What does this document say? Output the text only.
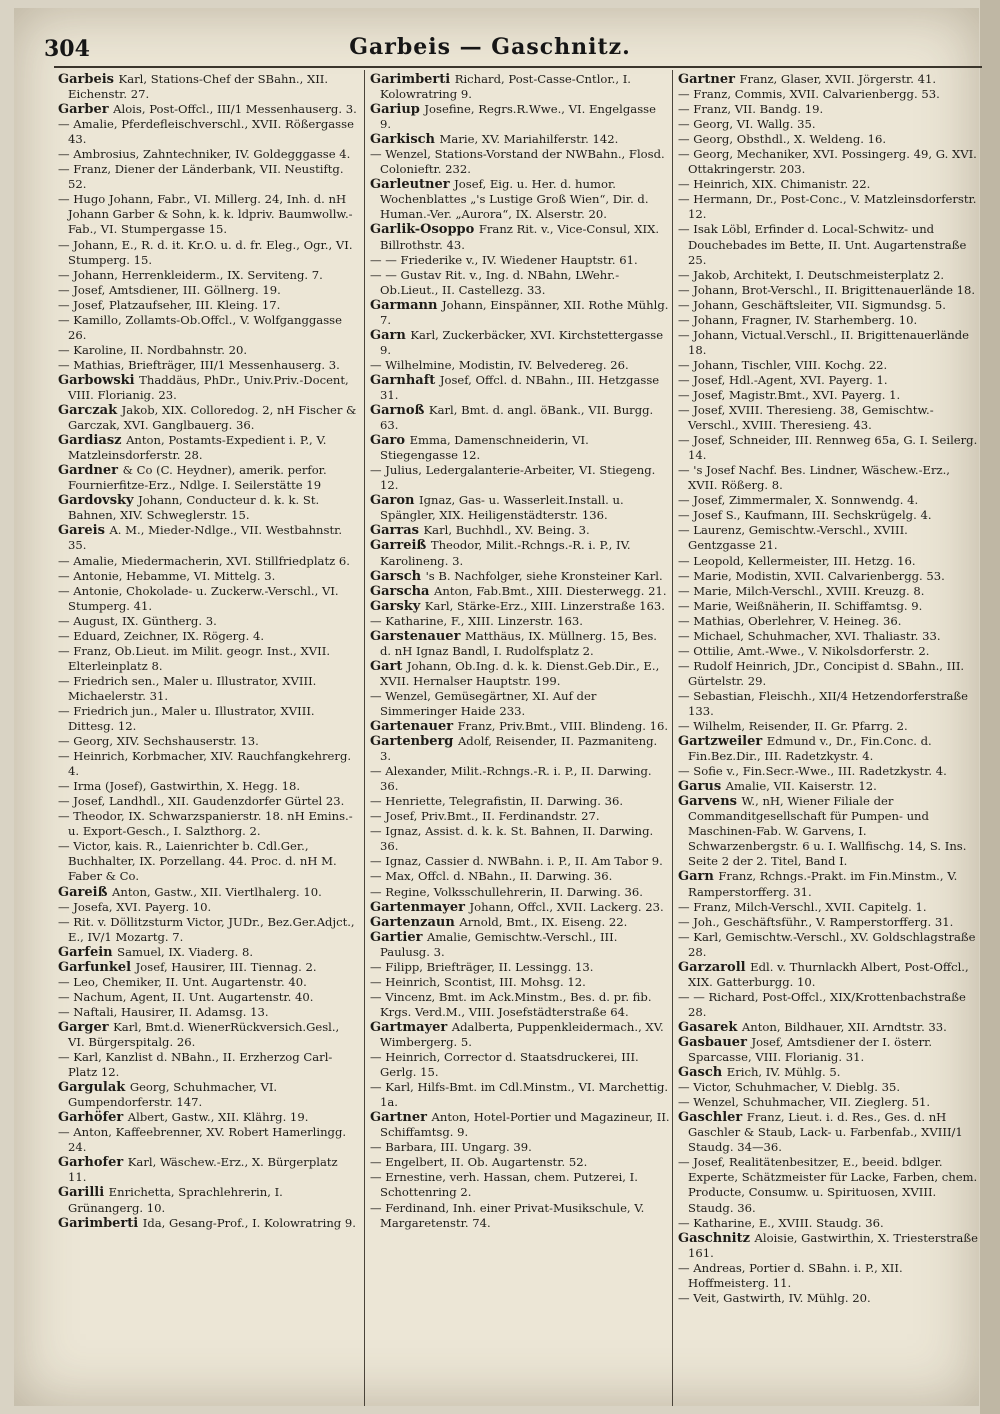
304	Garbeis — Gaschnitz.
Garbeis Karl, Stations-Chef der SBahn., XII. Eichenstr. 27.
Garber Alois, Post-Offcl., III/1 Messenhauserg. 3.
— Amalie, Pferdefleischverschl., XVII. Rößergasse 43.
— Ambrosius, Zahntechniker, IV. Goldegggasse 4.
— Franz, Diener der Länderbank, VII. Neustiftg. 52.
— Hugo Johann, Fabr., VI. Millerg. 24, Inh. d. nH Johann Garber & Sohn, k. k. ldpriv. Baumwollw.-Fab., VI. Stumpergasse 15.
— Johann, E., R. d. it. Kr.O. u. d. fr. Eleg., Ogr., VI. Stumperg. 15.
— Johann, Herrenkleiderm., IX. Serviteng. 7.
— Josef, Amtsdiener, III. Göllnerg. 19.
— Josef, Platzaufseher, III. Kleing. 17.
— Kamillo, Zollamts-Ob.Offcl., V. Wolfganggasse 26.
— Karoline, II. Nordbahnstr. 20.
— Mathias, Briefträger, III/1 Messenhauserg. 3.
Garbowski Thaddäus, PhDr., Univ.Priv.-Docent, VIII. Florianig. 23.
Garczak Jakob, XIX. Colloredog. 2, nH Fischer & Garczak, XVI. Ganglbauerg. 36.
Gardiasz Anton, Postamts-Expedient i. P., V. Matzleinsdorferstr. 28.
Gardner & Co (C. Heydner), amerik. perfor. Fournierfitze-Erz., Ndlge. I. Seilerstätte 19
Gardovsky Johann, Conducteur d. k. k. St. Bahnen, XIV. Schweglerstr. 15.
Gareis A. M., Mieder-Ndlge., VII. Westbahnstr. 35.
— Amalie, Miedermacherin, XVI. Stillfriedplatz 6.
— Antonie, Hebamme, VI. Mittelg. 3.
— Antonie, Chokolade- u. Zuckerw.-Verschl., VI. Stumperg. 41.
— August, IX. Güntherg. 3.
— Eduard, Zeichner, IX. Rögerg. 4.
— Franz, Ob.Lieut. im Milit. geogr. Inst., XVII. Elterleinplatz 8.
— Friedrich sen., Maler u. Illustrator, XVIII. Michaelerstr. 31.
— Friedrich jun., Maler u. Illustrator, XVIII. Dittesg. 12.
— Georg, XIV. Sechshauserstr. 13.
— Heinrich, Korbmacher, XIV. Rauchfangkehrerg. 4.
— Irma (Josef), Gastwirthin, X. Hegg. 18.
— Josef, Landhdl., XII. Gaudenzdorfer Gürtel 23.
— Theodor, IX. Schwarzspanierstr. 18. nH Emins.- u. Export-Gesch., I. Salzthorg. 2.
— Victor, kais. R., Laienrichter b. Cdl.Ger., Buchhalter, IX. Porzellang. 44. Proc. d. nH M. Faber & Co.
Gareiß Anton, Gastw., XII. Viertlhalerg. 10.
— Josefa, XVI. Payerg. 10.
— Rit. v. Döllitzsturm Victor, JUDr., Bez.Ger.Adjct., E., IV/1 Mozartg. 7.
Garfein Samuel, IX. Viaderg. 8.
Garfunkel Josef, Hausirer, III. Tiennag. 2.
— Leo, Chemiker, II. Unt. Augartenstr. 40.
— Nachum, Agent, II. Unt. Augartenstr. 40.
— Naftali, Hausirer, II. Adamsg. 13.
Garger Karl, Bmt.d. WienerRückversich.Gesl., VI. Bürgerspitalg. 26.
— Karl, Kanzlist d. NBahn., II. Erzherzog Carl-Platz 12.
Gargulak Georg, Schuhmacher, VI. Gumpendorferstr. 147.
Garhöfer Albert, Gastw., XII. Klährg. 19.
— Anton, Kaffeebrenner, XV. Robert Hamerlingg. 24.
Garhofer Karl, Wäschew.-Erz., X. Bürgerplatz 11.
Garilli Enrichetta, Sprachlehrerin, I. Grünangerg. 10.
Garimberti Ida, Gesang-Prof., I. Kolowratring 9.
Garimberti Richard, Post-Casse-Cntlor., I. Kolowratring 9.
Gariup Josefine, Regrs.R.Wwe., VI. Engelgasse 9.
Garkisch Marie, XV. Mariahilferstr. 142.
— Wenzel, Stations-Vorstand der NWBahn., Flosd. Colonieftr. 232.
Garleutner Josef, Eig. u. Her. d. humor. Wochenblattes „'s Lustige Groß Wien“, Dir. d. Human.-Ver. „Aurora“, IX. Alserstr. 20.
Garlik-Osoppo Franz Rit. v., Vice-Consul, XIX. Billrothstr. 43.
— — Friederike v., IV. Wiedener Hauptstr. 61.
— — Gustav Rit. v., Ing. d. NBahn, LWehr.-Ob.Lieut., II. Castellezg. 33.
Garmann Johann, Einspänner, XII. Rothe Mühlg. 7.
Garn Karl, Zuckerbäcker, XVI. Kirchstettergasse 9.
— Wilhelmine, Modistin, IV. Belvedereg. 26.
Garnhaft Josef, Offcl. d. NBahn., III. Hetzgasse 31.
Garnoß Karl, Bmt. d. angl. öBank., VII. Burgg. 63.
Garo Emma, Damenschneiderin, VI. Stiegengasse 12.
— Julius, Ledergalanterie-Arbeiter, VI. Stiegeng. 12.
Garon Ignaz, Gas- u. Wasserleit.Install. u. Spängler, XIX. Heiligenstädterstr. 136.
Garras Karl, Buchhdl., XV. Being. 3.
Garreiß Theodor, Milit.-Rchngs.-R. i. P., IV. Karolineng. 3.
Garsch 's B. Nachfolger, siehe Kronsteiner Karl.
Garscha Anton, Fab.Bmt., XIII. Diesterwegg. 21.
Garsky Karl, Stärke-Erz., XIII. Linzerstraße 163.
— Katharine, F., XIII. Linzerstr. 163.
Garstenauer Matthäus, IX. Müllnerg. 15, Bes. d. nH Ignaz Bandl, I. Rudolfsplatz 2.
Gart Johann, Ob.Ing. d. k. k. Dienst.Geb.Dir., E., XVII. Hernalser Hauptstr. 199.
— Wenzel, Gemüsegärtner, XI. Auf der Simmeringer Haide 233.
Gartenauer Franz, Priv.Bmt., VIII. Blindeng. 16.
Gartenberg Adolf, Reisender, II. Pazmaniteng. 3.
— Alexander, Milit.-Rchngs.-R. i. P., II. Darwing. 36.
— Henriette, Telegrafistin, II. Darwing. 36.
— Josef, Priv.Bmt., II. Ferdinandstr. 27.
— Ignaz, Assist. d. k. k. St. Bahnen, II. Darwing. 36.
— Ignaz, Cassier d. NWBahn. i. P., II. Am Tabor 9.
— Max, Offcl. d. NBahn., II. Darwing. 36.
— Regine, Volksschullehrerin, II. Darwing. 36.
Gartenmayer Johann, Offcl., XVII. Lackerg. 23.
Gartenzaun Arnold, Bmt., IX. Eiseng. 22.
Gartier Amalie, Gemischtw.-Verschl., III. Paulusg. 3.
— Filipp, Briefträger, II. Lessingg. 13.
— Heinrich, Scontist, III. Mohsg. 12.
— Vincenz, Bmt. im Ack.Minstm., Bes. d. pr. fib. Krgs. Verd.M., VIII. Josefstädterstraße 64.
Gartmayer Adalberta, Puppenkleidermach., XV. Wimbergerg. 5.
— Heinrich, Corrector d. Staatsdruckerei, III. Gerlg. 15.
— Karl, Hilfs-Bmt. im Cdl.Minstm., VI. Marchettig. 1a.
Gartner Anton, Hotel-Portier und Magazineur, II. Schiffamtsg. 9.
— Barbara, III. Ungarg. 39.
— Engelbert, II. Ob. Augartenstr. 52.
— Ernestine, verh. Hassan, chem. Putzerei, I. Schottenring 2.
— Ferdinand, Inh. einer Privat-Musikschule, V. Margaretenstr. 74.
Gartner Franz, Glaser, XVII. Jörgerstr. 41.
— Franz, Commis, XVII. Calvarienbergg. 53.
— Franz, VII. Bandg. 19.
— Georg, VI. Wallg. 35.
— Georg, Obsthdl., X. Weldeng. 16.
— Georg, Mechaniker, XVI. Possingerg. 49, G. XVI. Ottakringerstr. 203.
— Heinrich, XIX. Chimanistr. 22.
— Hermann, Dr., Post-Conc., V. Matzleinsdorferstr. 12.
— Isak Löbl, Erfinder d. Local-Schwitz- und Douchebades im Bette, II. Unt. Augartenstraße 25.
— Jakob, Architekt, I. Deutschmeisterplatz 2.
— Johann, Brot-Verschl., II. Brigittenauerlände 18.
— Johann, Geschäftsleiter, VII. Sigmundsg. 5.
— Johann, Fragner, IV. Starhemberg. 10.
— Johann, Victual.Verschl., II. Brigittenauerlände 18.
— Johann, Tischler, VIII. Kochg. 22.
— Josef, Hdl.-Agent, XVI. Payerg. 1.
— Josef, Magistr.Bmt., XVI. Payerg. 1.
— Josef, XVIII. Theresieng. 38, Gemischtw.-Verschl., XVIII. Theresieng. 43.
— Josef, Schneider, III. Rennweg 65a, G. I. Seilerg. 14.
— 's Josef Nachf. Bes. Lindner, Wäschew.-Erz., XVII. Rößerg. 8.
— Josef, Zimmermaler, X. Sonnwendg. 4.
— Josef S., Kaufmann, III. Sechskrügelg. 4.
— Laurenz, Gemischtw.-Verschl., XVIII. Gentzgasse 21.
— Leopold, Kellermeister, III. Hetzg. 16.
— Marie, Modistin, XVII. Calvarienbergg. 53.
— Marie, Milch-Verschl., XVIII. Kreuzg. 8.
— Marie, Weißnäherin, II. Schiffamtsg. 9.
— Mathias, Oberlehrer, V. Heineg. 36.
— Michael, Schuhmacher, XVI. Thaliastr. 33.
— Ottilie, Amt.-Wwe., V. Nikolsdorferstr. 2.
— Rudolf Heinrich, JDr., Concipist d. SBahn., III. Gürtelstr. 29.
— Sebastian, Fleischh., XII/4 Hetzendorferstraße 133.
— Wilhelm, Reisender, II. Gr. Pfarrg. 2.
Gartzweiler Edmund v., Dr., Fin.Conc. d. Fin.Bez.Dir., III. Radetzkystr. 4.
— Sofie v., Fin.Secr.-Wwe., III. Radetzkystr. 4.
Garus Amalie, VII. Kaiserstr. 12.
Garvens W., nH, Wiener Filiale der Commanditgesellschaft für Pumpen- und Maschinen-Fab. W. Garvens, I. Schwarzenbergstr. 6 u. I. Wallfischg. 14, S. Ins. Seite 2 der 2. Titel, Band I.
Garn Franz, Rchngs.-Prakt. im Fin.Minstm., V. Ramperstorfferg. 31.
— Franz, Milch-Verschl., XVII. Capitelg. 1.
— Joh., Geschäftsführ., V. Ramperstorfferg. 31.
— Karl, Gemischtw.-Verschl., XV. Goldschlagstraße 28.
Garzaroll Edl. v. Thurnlackh Albert, Post-Offcl., XIX. Gatterburgg. 10.
— — Richard, Post-Offcl., XIX/Krottenbachstraße 28.
Gasarek Anton, Bildhauer, XII. Arndtstr. 33.
Gasbauer Josef, Amtsdiener der I. österr. Sparcasse, VIII. Florianig. 31.
Gasch Erich, IV. Mühlg. 5.
— Victor, Schuhmacher, V. Dieblg. 35.
— Wenzel, Schuhmacher, VII. Zieglerg. 51.
Gaschler Franz, Lieut. i. d. Res., Ges. d. nH Gaschler & Staub, Lack- u. Farbenfab., XVIII/1 Staudg. 34—36.
— Josef, Realitätenbesitzer, E., beeid. bdlger. Experte, Schätzmeister für Lacke, Farben, chem. Producte, Consumw. u. Spirituosen, XVIII. Staudg. 36.
— Katharine, E., XVIII. Staudg. 36.
Gaschnitz Aloisie, Gastwirthin, X. Triesterstraße 161.
— Andreas, Portier d. SBahn. i. P., XII. Hoffmeisterg. 11.
— Veit, Gastwirth, IV. Mühlg. 20.
